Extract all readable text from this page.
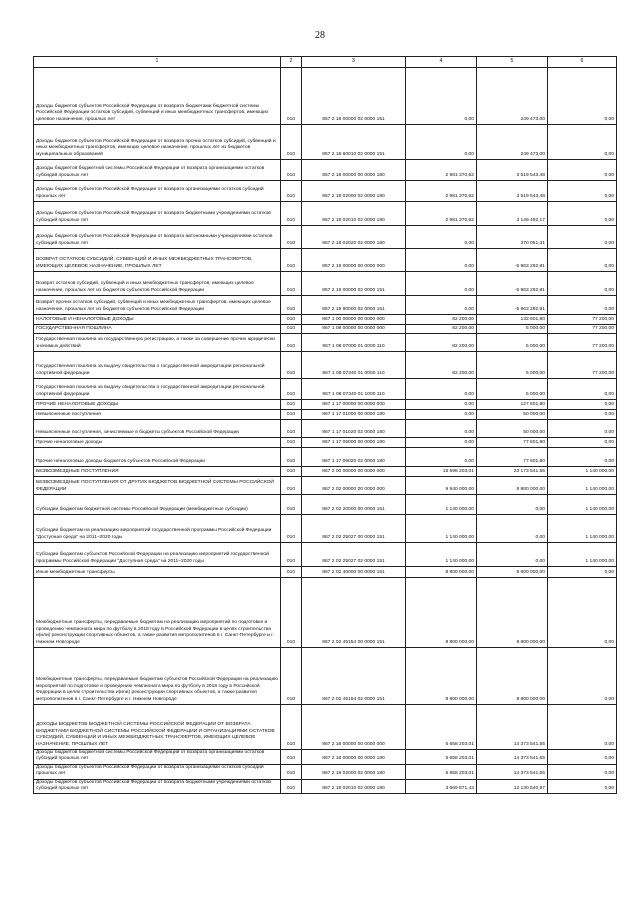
28
1	2	3	4	5	6
Доходы бюджетов субъектов Российской Федерации от возврата бюджетами бюджетной системы Российской Федерации остатков субсидий, субвенций и иных межбюджетных трансфертов, имеющих целевое назначение, прошлых лет	010	857 2 18 00000 02 0000 151	0,00	249 473,00	0,00
Доходы бюджетов субъектов Российской Федерации от возврата прочих остатков субсидий, субвенций и иных межбюджетных трансфертов, имеющих целевое назначение, прошлых лет из бюджетов муниципальных образований	010	857 2 18 60010 02 0000 151	0,00	249 473,00	0,00
Доходы бюджетов бюджетной системы Российской Федерации от возврата организациями остатков субсидий прошлых лет	010	857 2 18 00000 00 0000 180	2 981 370,62	3 519 543,48	0,00
Доходы бюджетов субъектов Российской Федерации от возврата организациями остатков субсидий прошлых лет	010	857 2 18 02000 02 0000 180	2 981 370,62	3 519 543,48	0,00
Доходы бюджетов субъектов Российской Федерации от возврата бюджетными учреждениями остатков субсидий прошлых лет	010	857 2 18 02010 02 0000 180	2 981 370,62	3 149 492,17	0,00
Доходы бюджетов субъектов Российской Федерации от возврата автономными учреждениями остатков субсидий прошлых лет	010	857 2 18 02020 02 0000 180	0,00	370 051,31	0,00
ВОЗВРАТ ОСТАТКОВ СУБСИДИЙ, СУБВЕНЦИЙ И ИНЫХ МЕЖБЮДЖЕТНЫХ ТРАНСФЕРТОВ, ИМЕЮЩИХ ЦЕЛЕВОЕ НАЗНАЧЕНИЕ, ПРОШЛЫХ ЛЕТ	010	857 2 19 00000 00 0000 000	0,00	-5 963 292,81	0,00
Возврат остатков субсидий, субвенций и иных межбюджетных трансфертов, имеющих целевое назначение, прошлых лет из бюджетов субъектов Российской Федерации	010	857 2 19 00000 02 0000 151	0,00	-5 963 292,81	0,00
Возврат прочих остатков субсидий, субвенций и иных межбюджетных трансфертов, имеющих целевое назначение, прошлых лет из бюджетов субъектов Российской Федерации	010	857 2 19 90000 02 0000 151	0,00	-5 963 292,81	0,00
НАЛОГОВЫЕ И НЕНАЛОГОВЫЕ ДОХОДЫ	010	867 1 00 00000 00 0000 000	82 200,00	132 601,80	77 200,00
ГОСУДАРСТВЕННАЯ ПОШЛИНА	010	867 1 08 00000 00 0000 000	82 200,00	5 000,00	77 200,00
Государственная пошлина за государственную регистрацию, а также за совершение прочих юридически значимых действий	010	867 1 08 07000 01 0000 110	82 200,00	5 000,00	77 200,00
Государственная пошлина за выдачу свидетельства о государственной аккредитации региональной спортивной федерации	010	867 1 08 07340 01 0000 110	82 200,00	5 000,00	77 200,00
Государственная пошлина за выдачу свидетельства о государственной аккредитации региональной спортивной федерации	010	867 1 08 07340 01 1000 110	0,00	5 000,00	0,00
ПРОЧИЕ НЕНАЛОГОВЫЕ ДОХОДЫ	010	867 1 17 00000 00 0000 000	0,00	127 601,80	0,00
Невыясненные поступления	010	867 1 17 01000 00 0000 180	0,00	50 000,00	0,00
Невыясненные поступления, зачисляемые в бюджеты субъектов Российской Федерации	010	867 1 17 01020 02 0000 180	0,00	50 000,00	0,00
Прочие неналоговые доходы	010	867 1 17 05000 00 0000 180	0,00	77 601,80	0,00
Прочие неналоговые доходы бюджетов субъектов Российской Федерации	010	867 1 17 05020 02 0000 180	0,00	77 601,80	0,00
БЕЗВОЗМЕЗДНЫЕ ПОСТУПЛЕНИЯ	010	867 2 00 00000 00 0000 000	15 598 203,01	23 173 541,55	1 140 000,00
БЕЗВОЗМЕЗДНЫЕ ПОСТУПЛЕНИЯ ОТ ДРУГИХ БЮДЖЕТОВ БЮДЖЕТНОЙ СИСТЕМЫ РОССИЙСКОЙ ФЕДЕРАЦИИ	010	867 2 02 00000 00 0000 000	9 940 000,00	8 800 000,00	1 140 000,00
Субсидии бюджетам бюджетной системы Российской Федерации (межбюджетные субсидии)	010	867 2 02 20000 00 0000 151	1 140 000,00	0,00	1 140 000,00
Субсидии бюджетам на реализацию мероприятий государственной программы Российской Федерации "Доступная среда" на 2011–2020 годы	010	867 2 02 25027 00 0000 151	1 140 000,00	0,00	1 140 000,00
Субсидии бюджетам субъектов Российской Федерации на реализацию мероприятий государственной программы Российской Федерации "Доступная среда" на 2011–2020 годы	010	867 2 02 25027 02 0000 151	1 140 000,00	0,00	1 140 000,00
Иные межбюджетные трансферты	010	867 2 02 40000 00 0000 151	8 800 000,00	8 800 000,00	0,00
Межбюджетные трансферты, передаваемые бюджетам на реализацию мероприятий по подготовке и проведению чемпионата мира по футболу в 2018 году в Российской Федерации в целях строительства и(или) реконструкции спортивных объектов, а также развития метрополитенов в г. Санкт-Петербурге и г. Нижнем Новгороде	010	867 2 02 45154 00 0000 151	8 800 000,00	8 800 000,00	0,00
Межбюджетные трансферты, передаваемые бюджетам субъектов Российской Федерации на реализацию мероприятий по подготовке и проведению чемпионата мира по футболу в 2018 году в Российской Федерации в целях строительства и(или) реконструкции спортивных объектов, а также развития метрополитенов в г. Санкт-Петербурге и г. Нижнем Новгороде	010	867 2 02 45154 02 0000 151	8 800 000,00	8 800 000,00	0,00
ДОХОДЫ БЮДЖЕТОВ БЮДЖЕТНОЙ СИСТЕМЫ РОССИЙСКОЙ ФЕДЕРАЦИИ ОТ ВОЗВРАТА БЮДЖЕТАМИ БЮДЖЕТНОЙ СИСТЕМЫ РОССИЙСКОЙ ФЕДЕРАЦИИ И ОРГАНИЗАЦИЯМИ ОСТАТКОВ СУБСИДИЙ, СУБВЕНЦИЙ И ИНЫХ МЕЖБЮДЖЕТНЫХ ТРАНСФЕРТОВ, ИМЕЮЩИХ ЦЕЛЕВОЕ НАЗНАЧЕНИЕ, ПРОШЛЫХ ЛЕТ	010	867 2 18 00000 00 0000 000	5 658 203,01	14 373 541,55	0,00
Доходы бюджетов бюджетной системы Российской Федерации от возврата организациями остатков субсидий прошлых лет	010	867 2 18 00000 00 0000 180	5 658 203,01	14 373 541,55	0,00
Доходы бюджетов субъектов Российской Федерации от возврата организациями остатков субсидий прошлых лет	010	867 2 18 02000 02 0000 180	5 658 203,01	14 373 541,55	0,00
Доходы бюджетов субъектов Российской Федерации от возврата бюджетными учреждениями остатков субсидий прошлых лет	010	867 2 18 02010 02 0000 180	3 669 871,43	12 130 540,97	0,00
